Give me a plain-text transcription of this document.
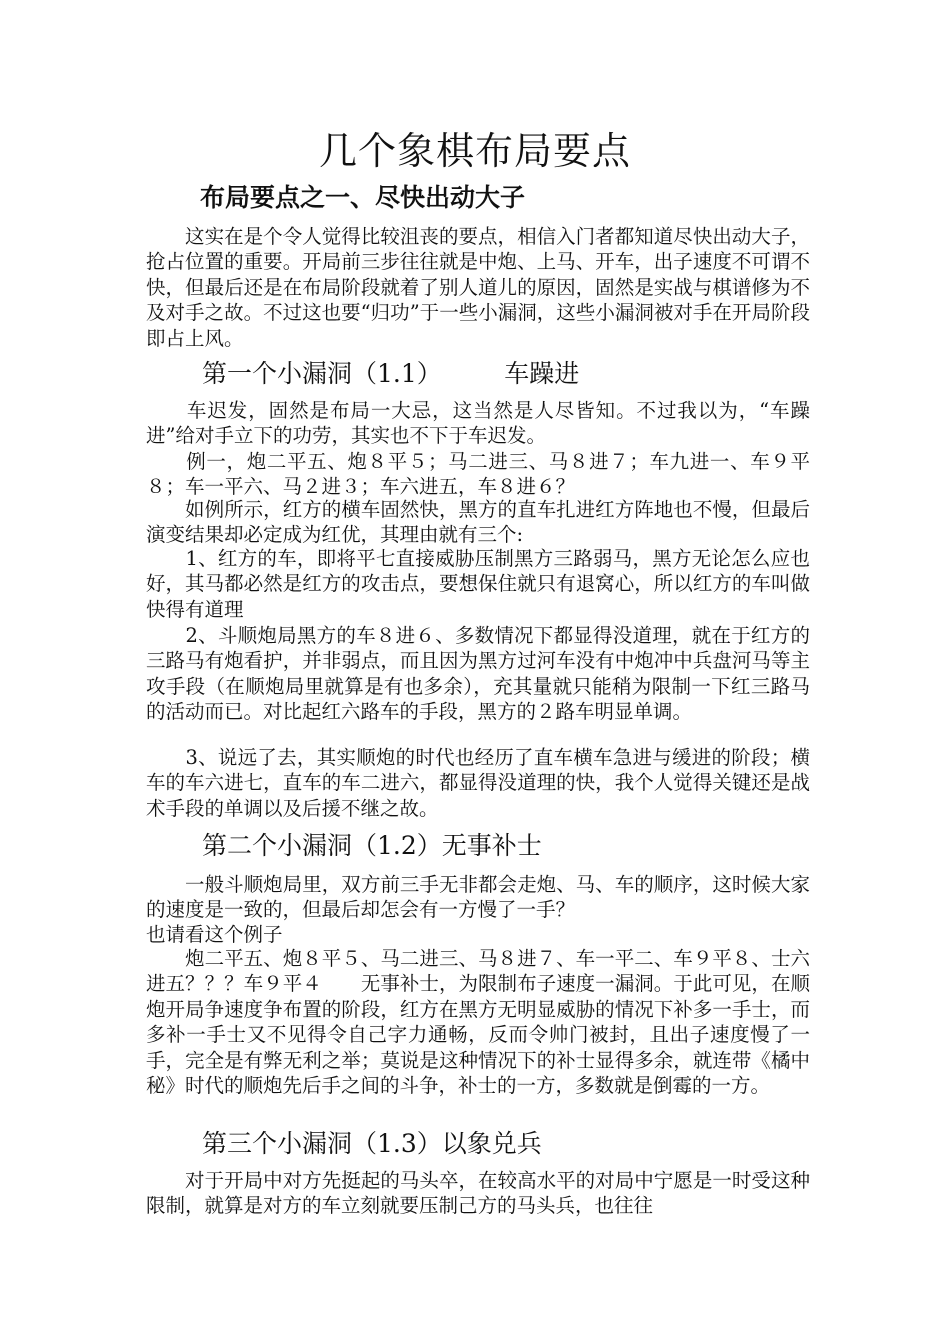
几个象棋布局要点
布局要点之一、尽快出动大子

　　这实在是个令人觉得比较沮丧的要点，相信入门者都知道尽快出动大子，抢占位置的重要。开局前三步往往就是中炮、上马、开车，出子速度不可谓不快，但最后还是在布局阶段就着了别人道儿的原因，固然是实战与棋谱修为不及对手之故。不过这也要“归功”于一些小漏洞，这些小漏洞被对手在开局阶段即占上风。

第一个小漏洞（1.1）　　　车躁进

　　车迟发，固然是布局一大忌，这当然是人尽皆知。不过我以为，“车躁进”给对手立下的功劳，其实也不下于车迟发。

　　例一，炮二平五、炮８平５；马二进三、马８进７；车九进一、车９平８；车一平六、马２进３；车六进五，车８进６？

　　如例所示，红方的横车固然快，黑方的直车扎进红方阵地也不慢，但最后演变结果却必定成为红优，其理由就有三个:

　　1、红方的车，即将平七直接威胁压制黑方三路弱马，黑方无论怎么应也好，其马都必然是红方的攻击点，要想保住就只有退窝心，所以红方的车叫做快得有道理

　　2、斗顺炮局黑方的车８进６、多数情况下都显得没道理，就在于红方的三路马有炮看护，并非弱点，而且因为黑方过河车没有中炮冲中兵盘河马等主攻手段（在顺炮局里就算是有也多余），充其量就只能稍为限制一下红三路马的活动而已。对比起红六路车的手段，黑方的２路车明显单调。

　　3、说远了去，其实顺炮的时代也经历了直车横车急进与缓进的阶段；横车的车六进七，直车的车二进六，都显得没道理的快，我个人觉得关键还是战术手段的单调以及后援不继之故。

第二个小漏洞（1.2）无事补士

　　一般斗顺炮局里，双方前三手无非都会走炮、马、车的顺序，这时候大家的速度是一致的，但最后却怎会有一方慢了一手？

也请看这个例子

　　炮二平五、炮８平５、马二进三、马８进７、车一平二、车９平８、士六进五？？？车９平４　　无事补士，为限制布子速度一漏洞。于此可见，在顺炮开局争速度争布置的阶段，红方在黑方无明显威胁的情况下补多一手士，而多补一手士又不见得令自己字力通畅，反而令帅门被封，且出子速度慢了一手，完全是有弊无利之举；莫说是这种情况下的补士显得多余，就连带《橘中秘》时代的顺炮先后手之间的斗争，补士的一方，多数就是倒霉的一方。

第三个小漏洞（1.3）以象兑兵

　　对于开局中对方先挺起的马头卒，在较高水平的对局中宁愿是一时受这种限制，就算是对方的车立刻就要压制己方的马头兵，也往往
